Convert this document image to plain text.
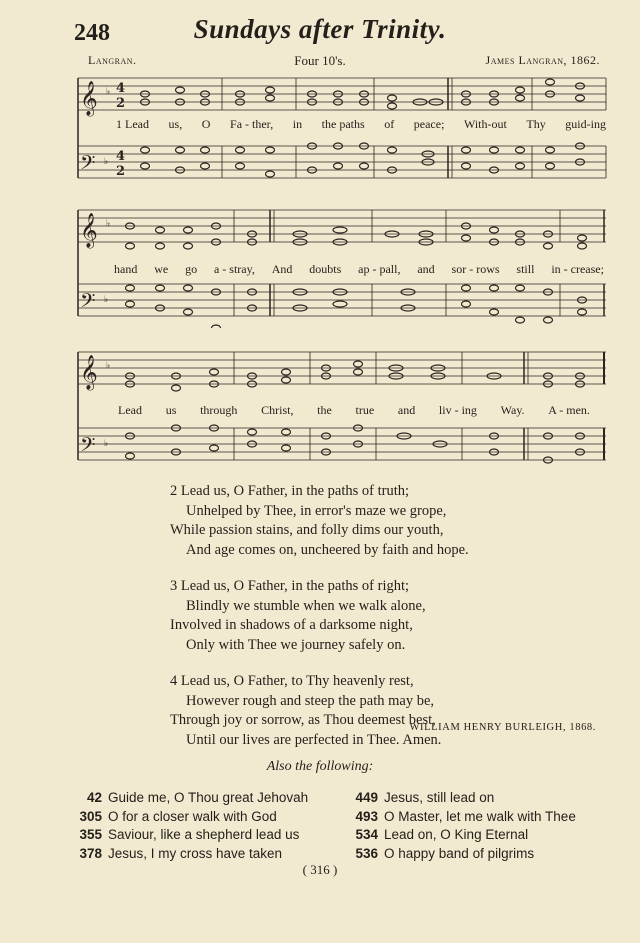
248	Sundays after Trinity.
Langran.	Four 10's.	James Langran, 1862.
𝄞
𝄢
♭
♭
4
2
4
2
1 Lead us, O Fa - ther, in the paths of peace; With-out Thy guid-ing
𝄞
𝄢
♭
♭
hand we go a - stray, And doubts ap - pall, and sor - rows still in - crease;
𝄞
𝄢
♭
♭
Lead us through Christ, the true and liv - ing Way. A - men.
2 Lead us, O Father, in the paths of truth;
Unhelped by Thee, in error's maze we grope,
While passion stains, and folly dims our youth,
And age comes on, uncheered by faith and hope.
3 Lead us, O Father, in the paths of right;
Blindly we stumble when we walk alone,
Involved in shadows of a darksome night,
Only with Thee we journey safely on.
4 Lead us, O Father, to Thy heavenly rest,
However rough and steep the path may be,
Through joy or sorrow, as Thou deemest best,
Until our lives are perfected in Thee. Amen.
WILLIAM HENRY BURLEIGH, 1868.
Also the following:
42 Guide me, O Thou great Jehovah
305 O for a closer walk with God
355 Saviour, like a shepherd lead us
378 Jesus, I my cross have taken
449 Jesus, still lead on
493 O Master, let me walk with Thee
534 Lead on, O King Eternal
536 O happy band of pilgrims
( 316 )
